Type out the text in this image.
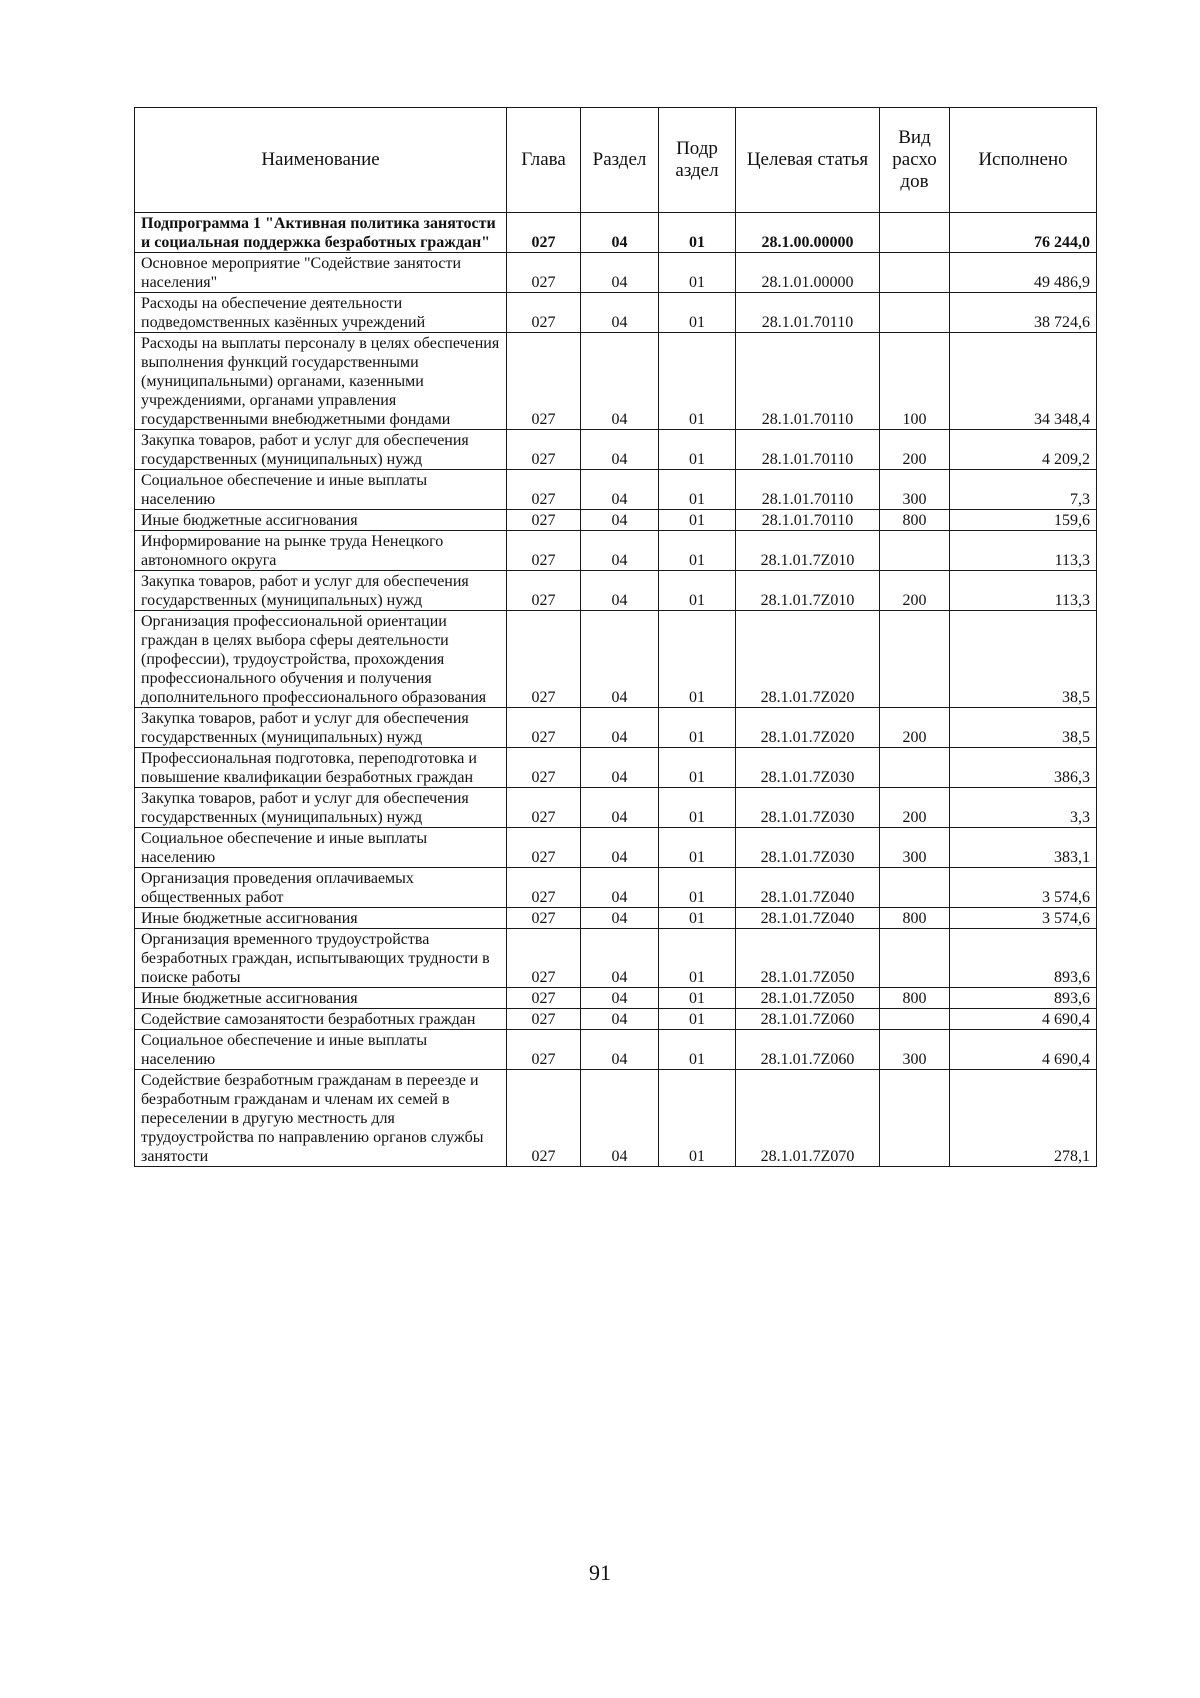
Наименование	Глава	Раздел	Подр аздел	Целевая статья	Вид расхо дов	Исполнено
Подпрограмма 1 "Активная политика занятости и социальная поддержка безработных граждан"	027	04	01	28.1.00.00000		76 244,0
Основное мероприятие "Содействие занятости населения"	027	04	01	28.1.01.00000		49 486,9
Расходы на обеспечение деятельности подведомственных казённых учреждений	027	04	01	28.1.01.70110		38 724,6
Расходы на выплаты персоналу в целях обеспечения выполнения функций государственными (муниципальными) органами, казенными учреждениями, органами управления государственными внебюджетными фондами	027	04	01	28.1.01.70110	100	34 348,4
Закупка товаров, работ и услуг для обеспечения государственных (муниципальных) нужд	027	04	01	28.1.01.70110	200	4 209,2
Социальное обеспечение и иные выплаты населению	027	04	01	28.1.01.70110	300	7,3
Иные бюджетные ассигнования	027	04	01	28.1.01.70110	800	159,6
Информирование на рынке труда Ненецкого автономного округа	027	04	01	28.1.01.7Z010		113,3
Закупка товаров, работ и услуг для обеспечения государственных (муниципальных) нужд	027	04	01	28.1.01.7Z010	200	113,3
Организация профессиональной ориентации граждан в целях выбора сферы деятельности (профессии), трудоустройства, прохождения профессионального обучения и получения дополнительного профессионального образования	027	04	01	28.1.01.7Z020		38,5
Закупка товаров, работ и услуг для обеспечения государственных (муниципальных) нужд	027	04	01	28.1.01.7Z020	200	38,5
Профессиональная подготовка, переподготовка и повышение квалификации безработных граждан	027	04	01	28.1.01.7Z030		386,3
Закупка товаров, работ и услуг для обеспечения государственных (муниципальных) нужд	027	04	01	28.1.01.7Z030	200	3,3
Социальное обеспечение и иные выплаты населению	027	04	01	28.1.01.7Z030	300	383,1
Организация проведения оплачиваемых общественных работ	027	04	01	28.1.01.7Z040		3 574,6
Иные бюджетные ассигнования	027	04	01	28.1.01.7Z040	800	3 574,6
Организация временного трудоустройства безработных граждан, испытывающих трудности в поиске работы	027	04	01	28.1.01.7Z050		893,6
Иные бюджетные ассигнования	027	04	01	28.1.01.7Z050	800	893,6
Содействие самозанятости безработных граждан	027	04	01	28.1.01.7Z060		4 690,4
Социальное обеспечение и иные выплаты населению	027	04	01	28.1.01.7Z060	300	4 690,4
Содействие безработным гражданам в переезде и безработным гражданам и членам их семей в переселении в другую местность для трудоустройства по направлению органов службы занятости	027	04	01	28.1.01.7Z070		278,1
91
